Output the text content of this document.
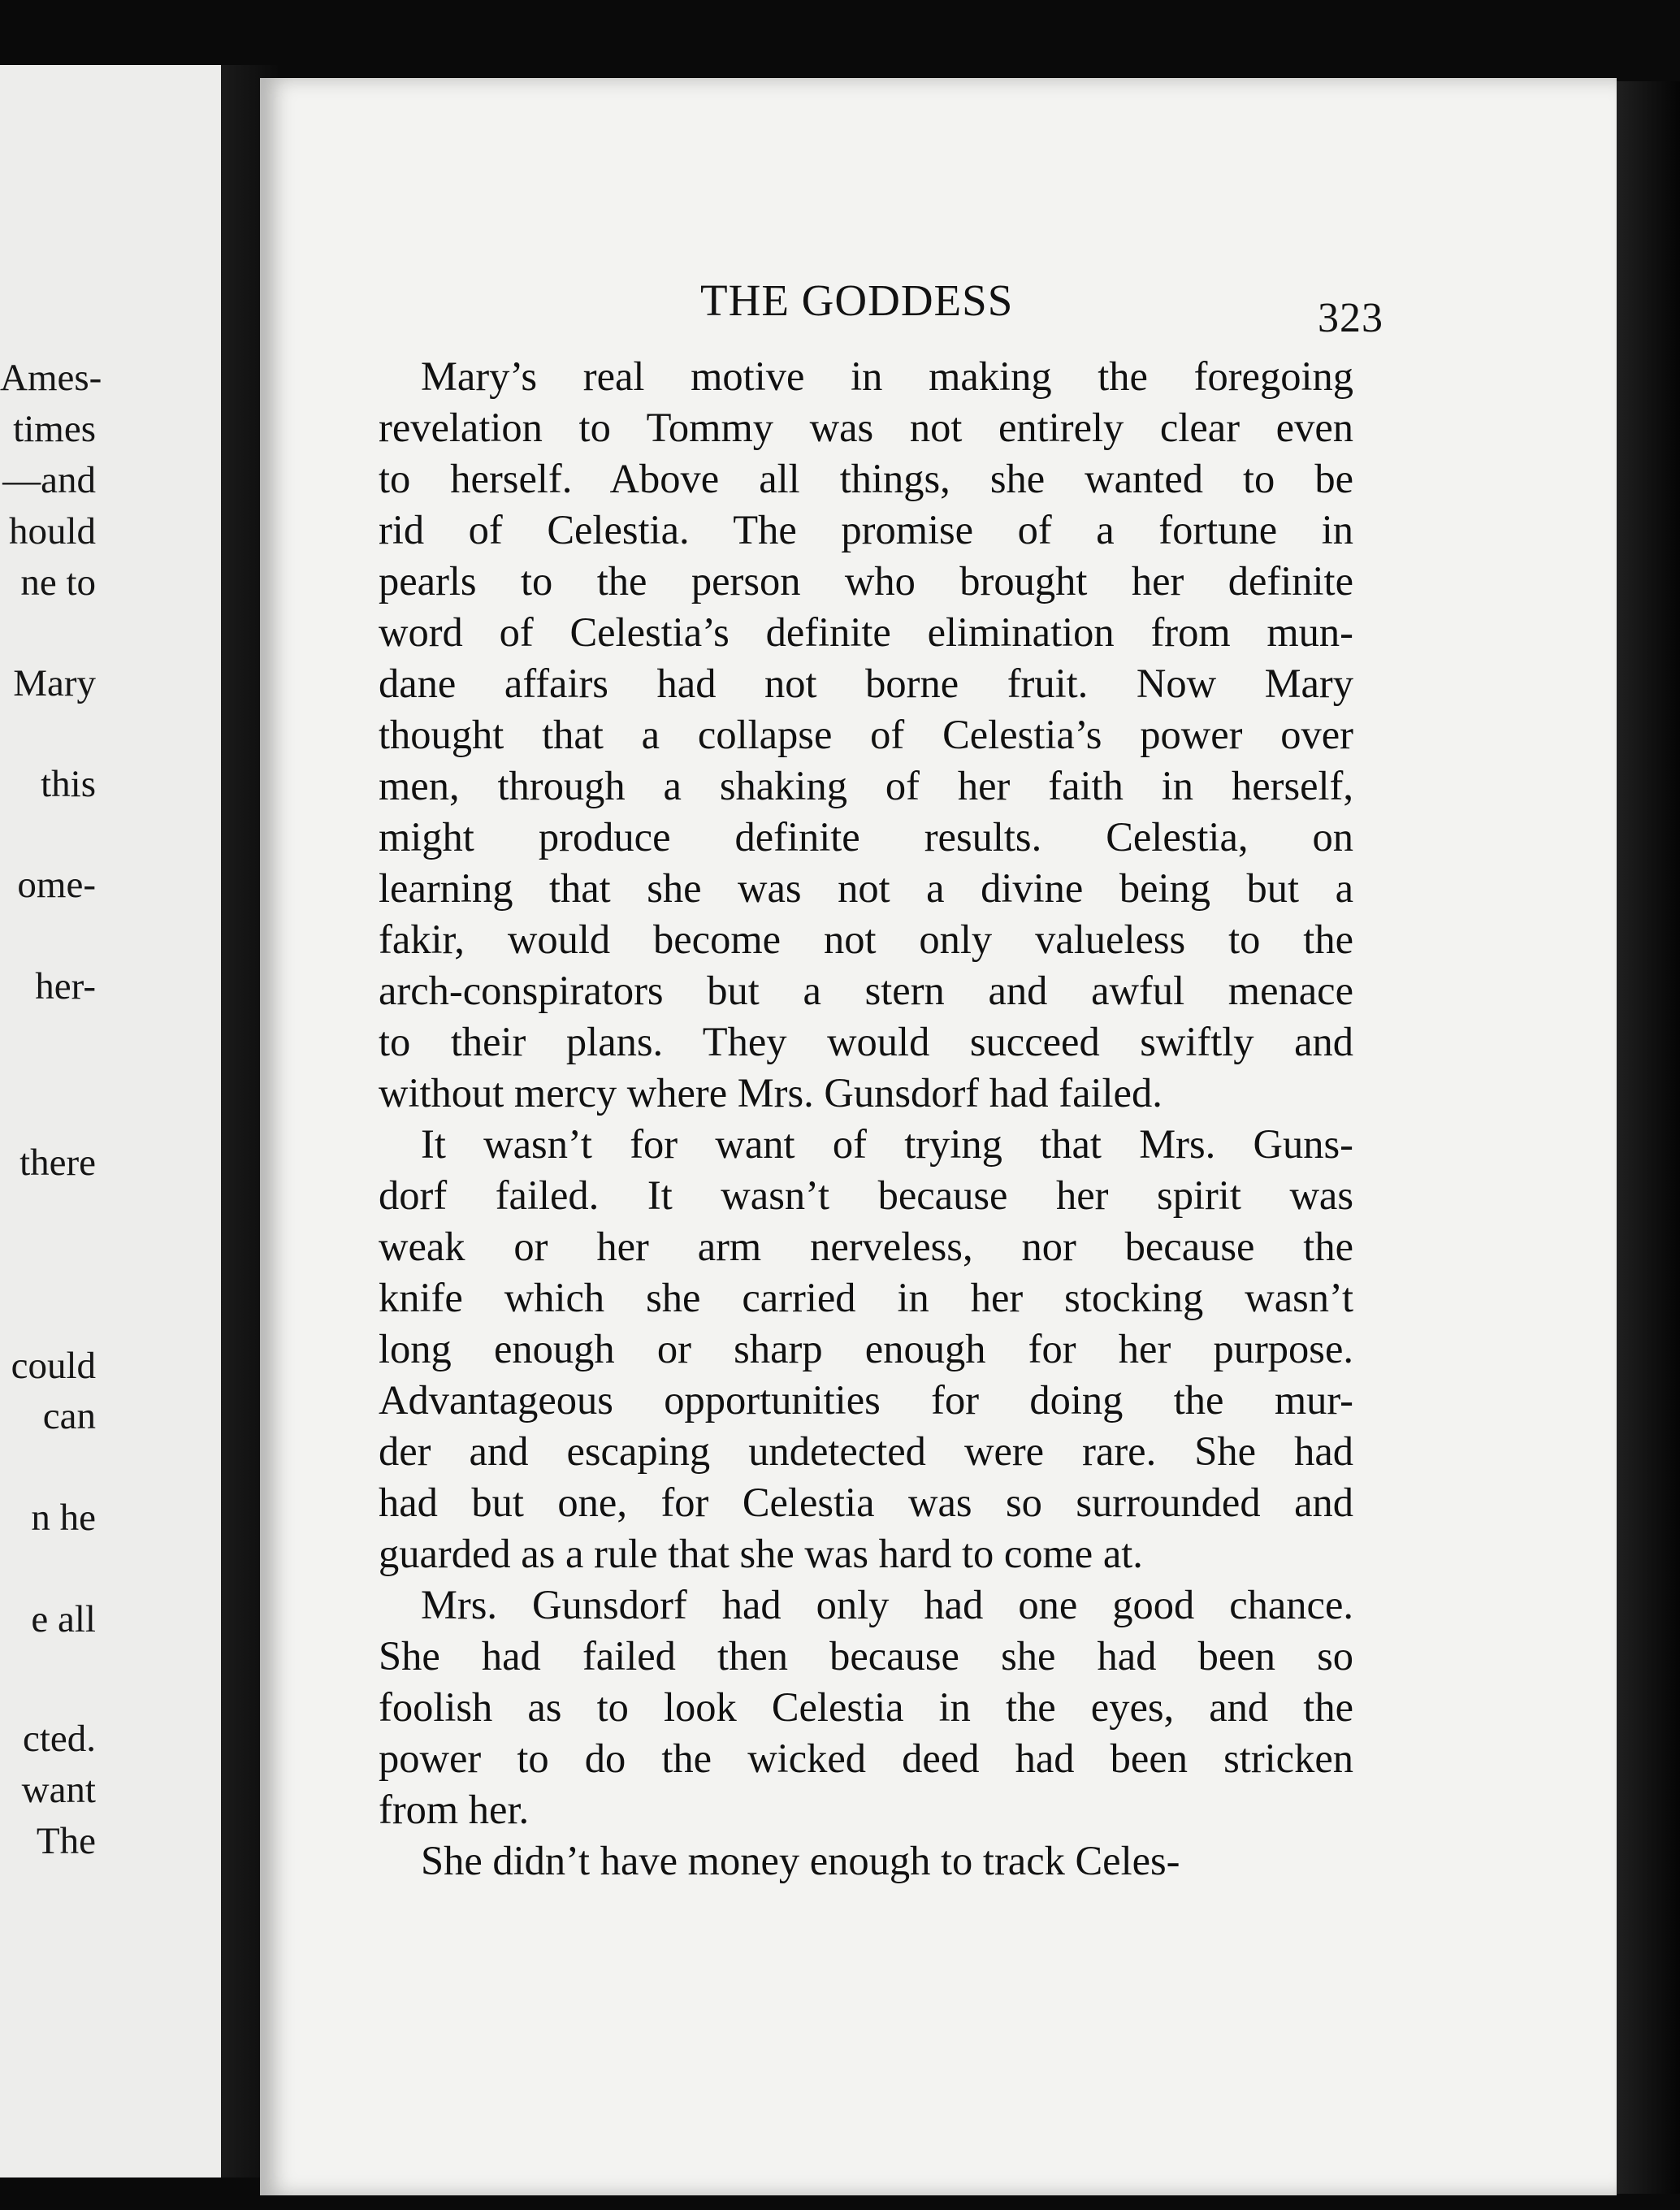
Ames-
times
—and
hould
ne to
Mary
this
ome-
her-
there
could
can
n he
e all
cted.
want
The
THE GODDESS	323
Mary’s real motive in making the foregoing
revelation to Tommy was not entirely clear even
to herself. Above all things, she wanted to be
rid of Celestia. The promise of a fortune in
pearls to the person who brought her definite
word of Celestia’s definite elimination from mun-
dane affairs had not borne fruit. Now Mary
thought that a collapse of Celestia’s power over
men, through a shaking of her faith in herself,
might produce definite results. Celestia, on
learning that she was not a divine being but a
fakir, would become not only valueless to the
arch-conspirators but a stern and awful menace
to their plans. They would succeed swiftly and
without mercy where Mrs. Gunsdorf had failed.
It wasn’t for want of trying that Mrs. Guns-
dorf failed. It wasn’t because her spirit was
weak or her arm nerveless, nor because the
knife which she carried in her stocking wasn’t
long enough or sharp enough for her purpose.
Advantageous opportunities for doing the mur-
der and escaping undetected were rare. She had
had but one, for Celestia was so surrounded and
guarded as a rule that she was hard to come at.
Mrs. Gunsdorf had only had one good chance.
She had failed then because she had been so
foolish as to look Celestia in the eyes, and the
power to do the wicked deed had been stricken
from her.
She didn’t have money enough to track Celes-
